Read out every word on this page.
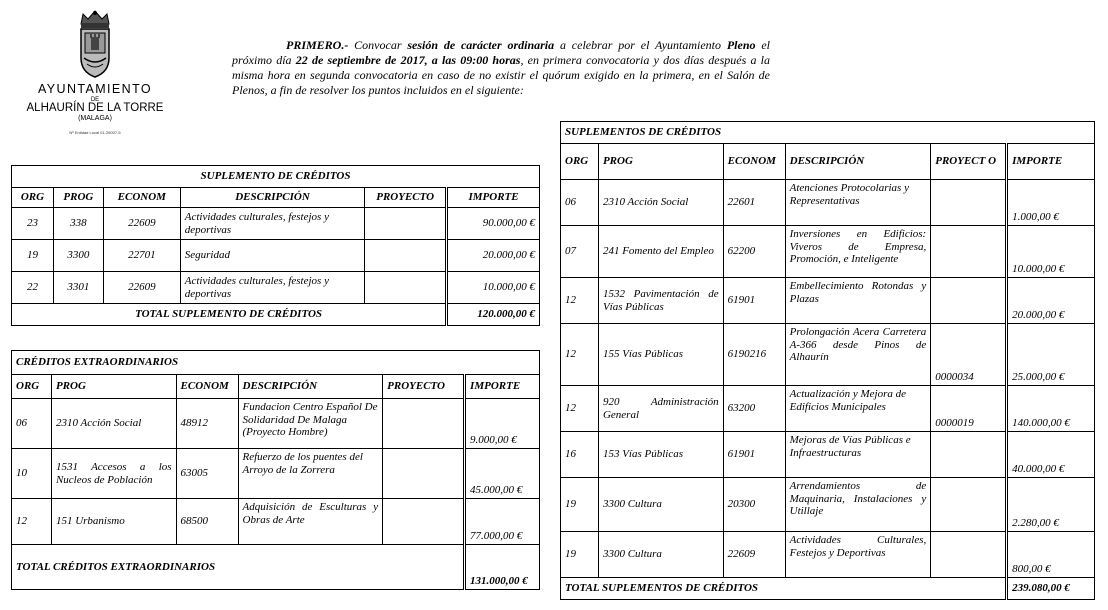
AYUNTAMIENTO
DE
ALHAURÍN DE LA TORRE
(MALAGA)
Nº Entidad Local 01-29007-5
PRIMERO.- Convocar sesión de carácter ordinaria a celebrar por el Ayuntamiento Pleno el próximo día 22 de septiembre de 2017, a las 09:00 horas, en primera convocatoria y dos días después a la misma hora en segunda convocatoria en caso de no existir el quórum exigido en la primera, en el Salón de Plenos, a fin de resolver los puntos incluidos en el siguiente:
SUPLEMENTO DE CRÉDITOS					
ORG	PROG	ECONOM	DESCRIPCIÓN	PROYECTO	IMPORTE
23	338	22609	Actividades culturales, festejos y deportivas		90.000,00 €
19	3300	22701	Seguridad		20.000,00 €
22	3301	22609	Actividades culturales, festejos y deportivas		10.000,00 €
TOTAL SUPLEMENTO DE CRÉDITOS					120.000,00 €
CRÉDITOS EXTRAORDINARIOS					
ORG	PROG	ECONOM	DESCRIPCIÓN	PROYECTO	IMPORTE
06	2310 Acción Social	48912	Fundacion Centro Español De Solidaridad De Malaga (Proyecto Hombre)		9.000,00 €
10	1531 Accesos a los Nucleos de Población	63005	Refuerzo de los puentes del Arroyo de la Zorrera		45.000,00 €
12	151 Urbanismo	68500	Adquisición de Esculturas y Obras de Arte		77.000,00 €
TOTAL CRÉDITOS EXTRAORDINARIOS					131.000,00 €
SUPLEMENTOS DE CRÉDITOS					
ORG	PROG	ECONOM	DESCRIPCIÓN	PROYECT O	IMPORTE
06	2310 Acción Social	22601	Atenciones Protocolarias y Representativas		1.000,00 €
07	241 Fomento del Empleo	62200	Inversiones en Edificios: Viveros de Empresa, Promoción, e Inteligente		10.000,00 €
12	1532 Pavimentación de Vías Públicas	61901	Embellecimiento Rotondas y Plazas		20.000,00 €
12	155 Vías Públicas	6190216	Prolongación Acera Carretera A-366 desde Pinos de Alhaurín	0000034	25.000,00 €
12	920 Administración General	63200	Actualización y Mejora de Edificios Municipales	0000019	140.000,00 €
16	153 Vías Públicas	61901	Mejoras de Vías Públicas e Infraestructuras		40.000,00 €
19	3300 Cultura	20300	Arrendamientos de Maquinaria, Instalaciones y Utillaje		2.280,00 €
19	3300 Cultura	22609	Actividades Culturales, Festejos y Deportivas		800,00 €
TOTAL SUPLEMENTOS DE CRÉDITOS					239.080,00 €
